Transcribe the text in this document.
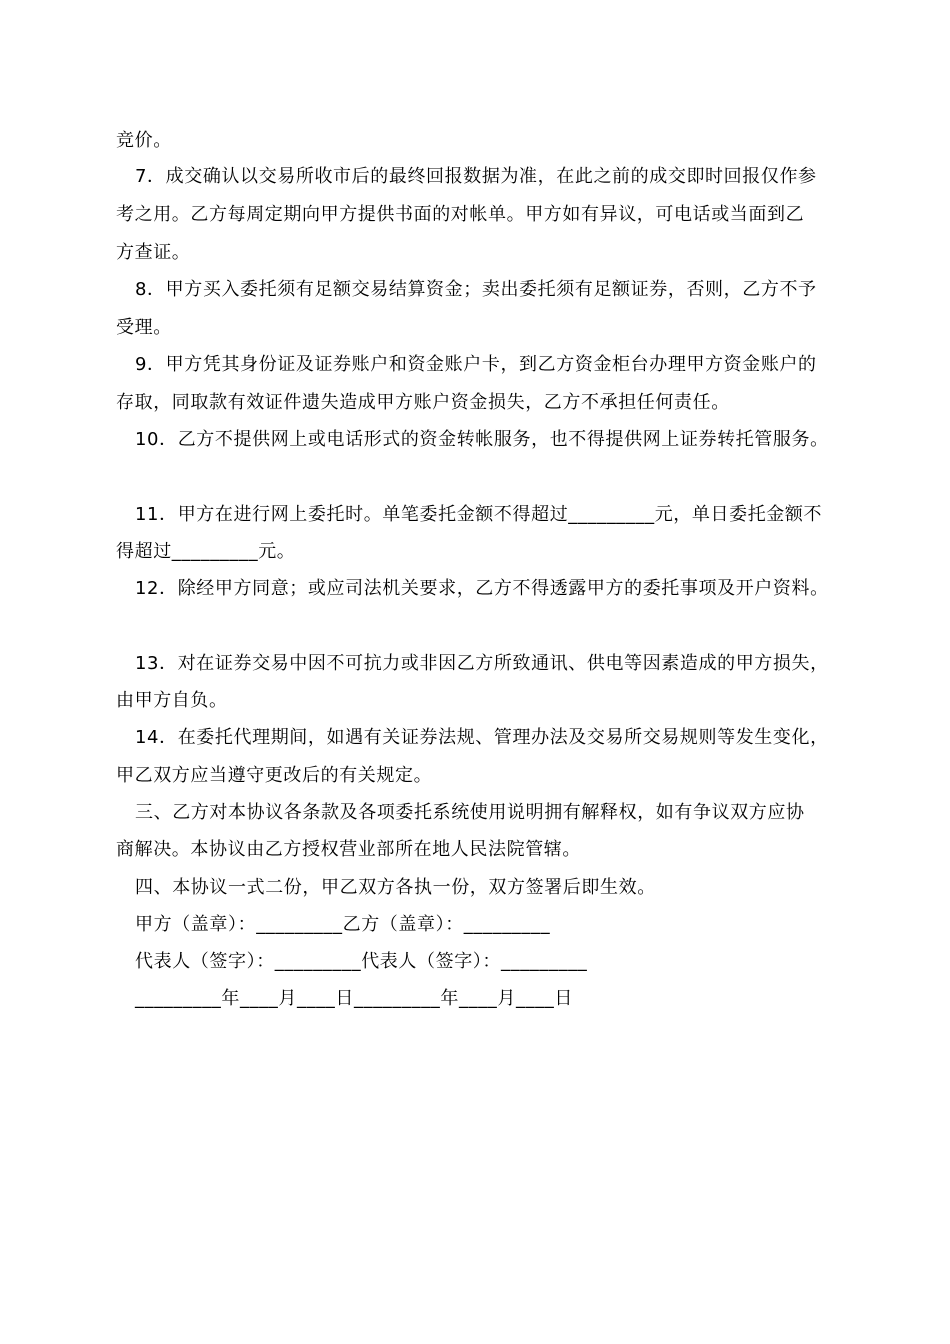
竞价。
7．成交确认以交易所收市后的最终回报数据为准，在此之前的成交即时回报仅作参
考之用。乙方每周定期向甲方提供书面的对帐单。甲方如有异议，可电话或当面到乙
方查证。
8．甲方买入委托须有足额交易结算资金；卖出委托须有足额证券，否则，乙方不予
受理。
9．甲方凭其身份证及证券账户和资金账户卡，到乙方资金柜台办理甲方资金账户的
存取，同取款有效证件遗失造成甲方账户资金损失，乙方不承担任何责任。
10．乙方不提供网上或电话形式的资金转帐服务，也不得提供网上证券转托管服务。
11．甲方在进行网上委托时。单笔委托金额不得超过_________元，单日委托金额不
得超过_________元。
12．除经甲方同意；或应司法机关要求，乙方不得透露甲方的委托事项及开户资料。
13．对在证券交易中因不可抗力或非因乙方所致通讯、供电等因素造成的甲方损失，
由甲方自负。
14．在委托代理期间，如遇有关证券法规、管理办法及交易所交易规则等发生变化，
甲乙双方应当遵守更改后的有关规定。
三、乙方对本协议各条款及各项委托系统使用说明拥有解释权，如有争议双方应协
商解决。本协议由乙方授权营业部所在地人民法院管辖。
四、本协议一式二份，甲乙双方各执一份，双方签署后即生效。
甲方（盖章）：_________乙方（盖章）：_________
代表人（签字）：_________代表人（签字）：_________
_________年____月____日_________年____月____日
